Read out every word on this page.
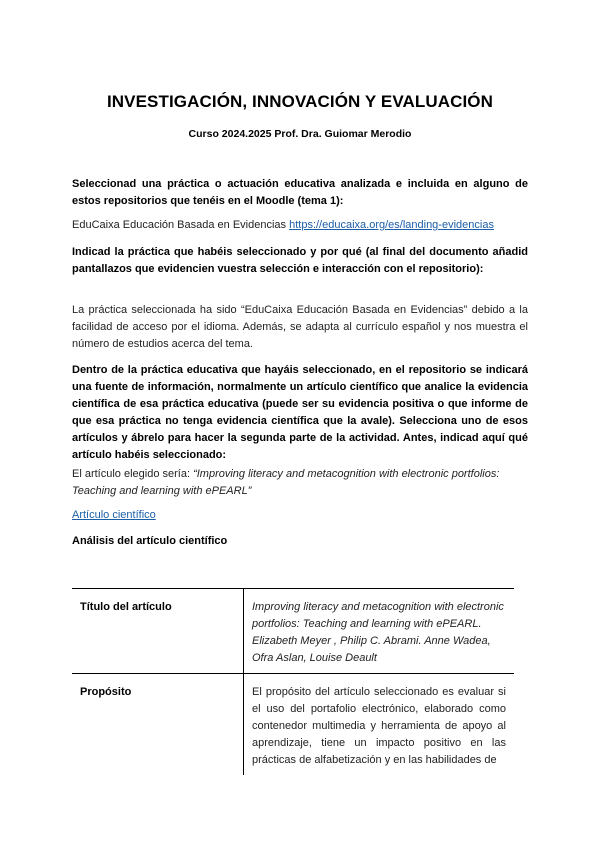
INVESTIGACIÓN, INNOVACIÓN Y EVALUACIÓN
Curso 2024.2025 Prof. Dra. Guiomar Merodio
Seleccionad una práctica o actuación educativa analizada e incluida en alguno de estos repositorios que tenéis en el Moodle (tema 1):
EduCaixa Educación Basada en Evidencias https://educaixa.org/es/landing-evidencias
Indicad la práctica que habéis seleccionado y por qué (al final del documento añadid pantallazos que evidencien vuestra selección e interacción con el repositorio):
La práctica seleccionada ha sido “EduCaixa Educación Basada en Evidencias” debido a la facilidad de acceso por el idioma. Además, se adapta al currículo español y nos muestra el número de estudios acerca del tema.
Dentro de la práctica educativa que hayáis seleccionado, en el repositorio se indicará una fuente de información, normalmente un artículo científico que analice la evidencia científica de esa práctica educativa (puede ser su evidencia positiva o que informe de que esa práctica no tenga evidencia científica que la avale). Selecciona uno de esos artículos y ábrelo para hacer la segunda parte de la actividad. Antes, indicad aquí qué artículo habéis seleccionado:
El artículo elegido sería: “Improving literacy and metacognition with electronic portfolios: Teaching and learning with ePEARL”
Artículo científico
Análisis del artículo científico
Título del artículo	Improving literacy and metacognition with electronic portfolios: Teaching and learning with ePEARL. Elizabeth Meyer , Philip C. Abrami. Anne Wadea, Ofra Aslan, Louise Deault
Propósito	El propósito del artículo seleccionado es evaluar si el uso del portafolio electrónico, elaborado como contenedor multimedia y herramienta de apoyo al aprendizaje, tiene un impacto positivo en las prácticas de alfabetización y en las habilidades de
